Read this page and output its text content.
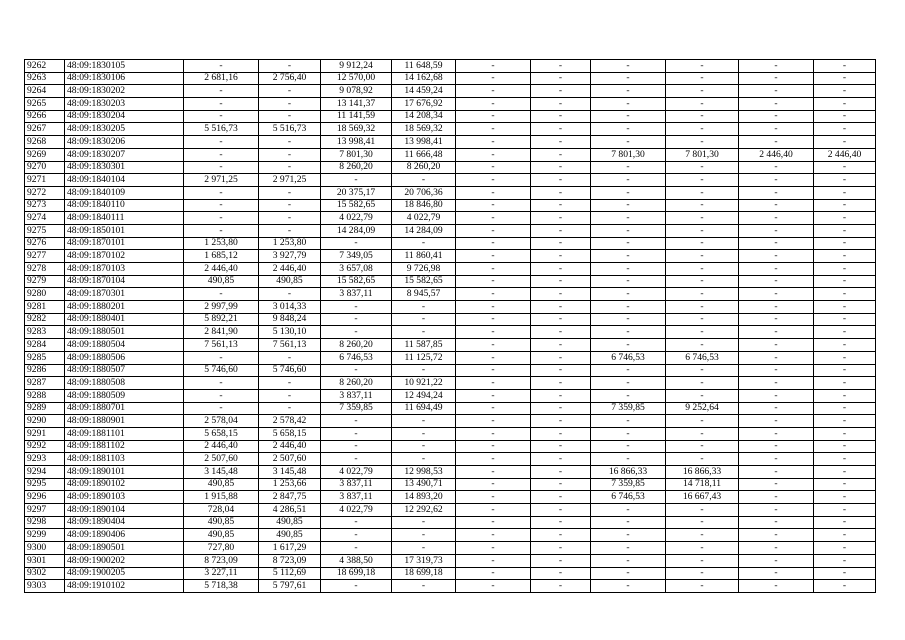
9262	48:09:1830105	-	-	9 912,24	11 648,59	-	-	-	-	-	-
9263	48:09:1830106	2 681,16	2 756,40	12 570,00	14 162,68	-	-	-	-	-	-
9264	48:09:1830202	-	-	9 078,92	14 459,24	-	-	-	-	-	-
9265	48:09:1830203	-	-	13 141,37	17 676,92	-	-	-	-	-	-
9266	48:09:1830204	-	-	11 141,59	14 208,34	-	-	-	-	-	-
9267	48:09:1830205	5 516,73	5 516,73	18 569,32	18 569,32	-	-	-	-	-	-
9268	48:09:1830206	-	-	13 998,41	13 998,41	-	-	-	-	-	-
9269	48:09:1830207	-	-	7 801,30	11 666,48	-	-	7 801,30	7 801,30	2 446,40	2 446,40
9270	48:09:1830301	-	-	8 260,20	8 260,20	-	-	-	-	-	-
9271	48:09:1840104	2 971,25	2 971,25	-	-	-	-	-	-	-	-
9272	48:09:1840109	-	-	20 375,17	20 706,36	-	-	-	-	-	-
9273	48:09:1840110	-	-	15 582,65	18 846,80	-	-	-	-	-	-
9274	48:09:1840111	-	-	4 022,79	4 022,79	-	-	-	-	-	-
9275	48:09:1850101	-	-	14 284,09	14 284,09	-	-	-	-	-	-
9276	48:09:1870101	1 253,80	1 253,80	-	-	-	-	-	-	-	-
9277	48:09:1870102	1 685,12	3 927,79	7 349,05	11 860,41	-	-	-	-	-	-
9278	48:09:1870103	2 446,40	2 446,40	3 657,08	9 726,98	-	-	-	-	-	-
9279	48:09:1870104	490,85	490,85	15 582,65	15 582,65	-	-	-	-	-	-
9280	48:09:1870301	-	-	3 837,11	8 945,57	-	-	-	-	-	-
9281	48:09:1880201	2 997,99	3 014,33	-	-	-	-	-	-	-	-
9282	48:09:1880401	5 892,21	9 848,24	-	-	-	-	-	-	-	-
9283	48:09:1880501	2 841,90	5 130,10	-	-	-	-	-	-	-	-
9284	48:09:1880504	7 561,13	7 561,13	8 260,20	11 587,85	-	-	-	-	-	-
9285	48:09:1880506	-	-	6 746,53	11 125,72	-	-	6 746,53	6 746,53	-	-
9286	48:09:1880507	5 746,60	5 746,60	-	-	-	-	-	-	-	-
9287	48:09:1880508	-	-	8 260,20	10 921,22	-	-	-	-	-	-
9288	48:09:1880509	-	-	3 837,11	12 494,24	-	-	-	-	-	-
9289	48:09:1880701	-	-	7 359,85	11 694,49	-	-	7 359,85	9 252,64	-	-
9290	48:09:1880901	2 578,04	2 578,42	-	-	-	-	-	-	-	-
9291	48:09:1881101	5 658,15	5 658,15	-	-	-	-	-	-	-	-
9292	48:09:1881102	2 446,40	2 446,40	-	-	-	-	-	-	-	-
9293	48:09:1881103	2 507,60	2 507,60	-	-	-	-	-	-	-	-
9294	48:09:1890101	3 145,48	3 145,48	4 022,79	12 998,53	-	-	16 866,33	16 866,33	-	-
9295	48:09:1890102	490,85	1 253,66	3 837,11	13 490,71	-	-	7 359,85	14 718,11	-	-
9296	48:09:1890103	1 915,88	2 847,75	3 837,11	14 893,20	-	-	6 746,53	16 667,43	-	-
9297	48:09:1890104	728,04	4 286,51	4 022,79	12 292,62	-	-	-	-	-	-
9298	48:09:1890404	490,85	490,85	-	-	-	-	-	-	-	-
9299	48:09:1890406	490,85	490,85	-	-	-	-	-	-	-	-
9300	48:09:1890501	727,80	1 617,29	-	-	-	-	-	-	-	-
9301	48:09:1900202	8 723,09	8 723,09	4 388,50	17 319,73	-	-	-	-	-	-
9302	48:09:1900205	3 227,11	5 112,69	18 699,18	18 699,18	-	-	-	-	-	-
9303	48:09:1910102	5 718,38	5 797,61	-	-	-	-	-	-	-	-
